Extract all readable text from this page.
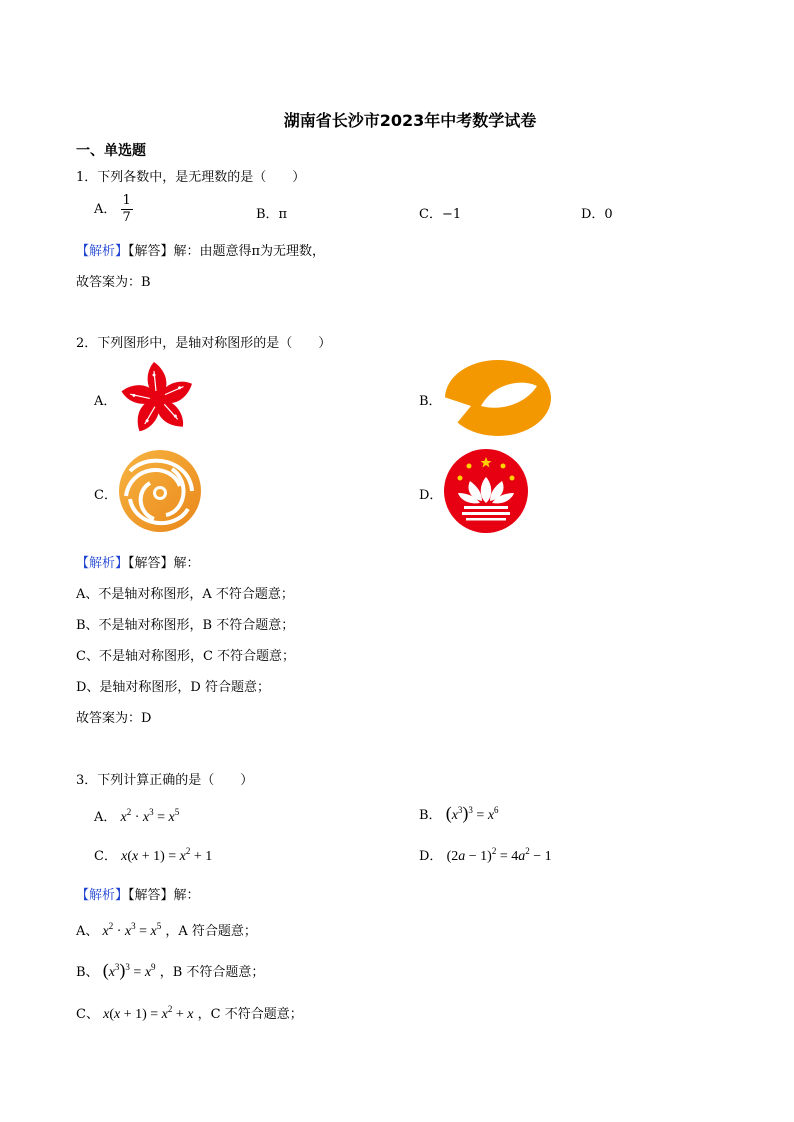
湖南省长沙市2023年中考数学试卷
一、单选题
1．下列各数中，是无理数的是（　　）
A． $\frac{1}{7}$	B．π	C．−1	D．0
【解析】【解答】解：由题意得π为无理数，
故答案为：B
2．下列图形中，是轴对称图形的是（　　）
A．	B．
C．	D．
【解析】【解答】解：
A、不是轴对称图形，A 不符合题意；
B、不是轴对称图形，B 不符合题意；
C、不是轴对称图形，C 不符合题意；
D、是轴对称图形，D 符合题意；
故答案为：D
3．下列计算正确的是（　　）
A． $x^2 \cdot x^3 = x^5$	B． $(x^3)^3 = x^6$
C． $x(x + 1) = x^2 + 1$	D． $(2a - 1)^2 = 4a^2 - 1$
【解析】【解答】解：
A、 $x^2 \cdot x^3 = x^5$ ，A 符合题意；
B、 $(x^3)^3 = x^9$ ，B 不符合题意；
C、 $x(x + 1) = x^2 + x$ ，C 不符合题意；
